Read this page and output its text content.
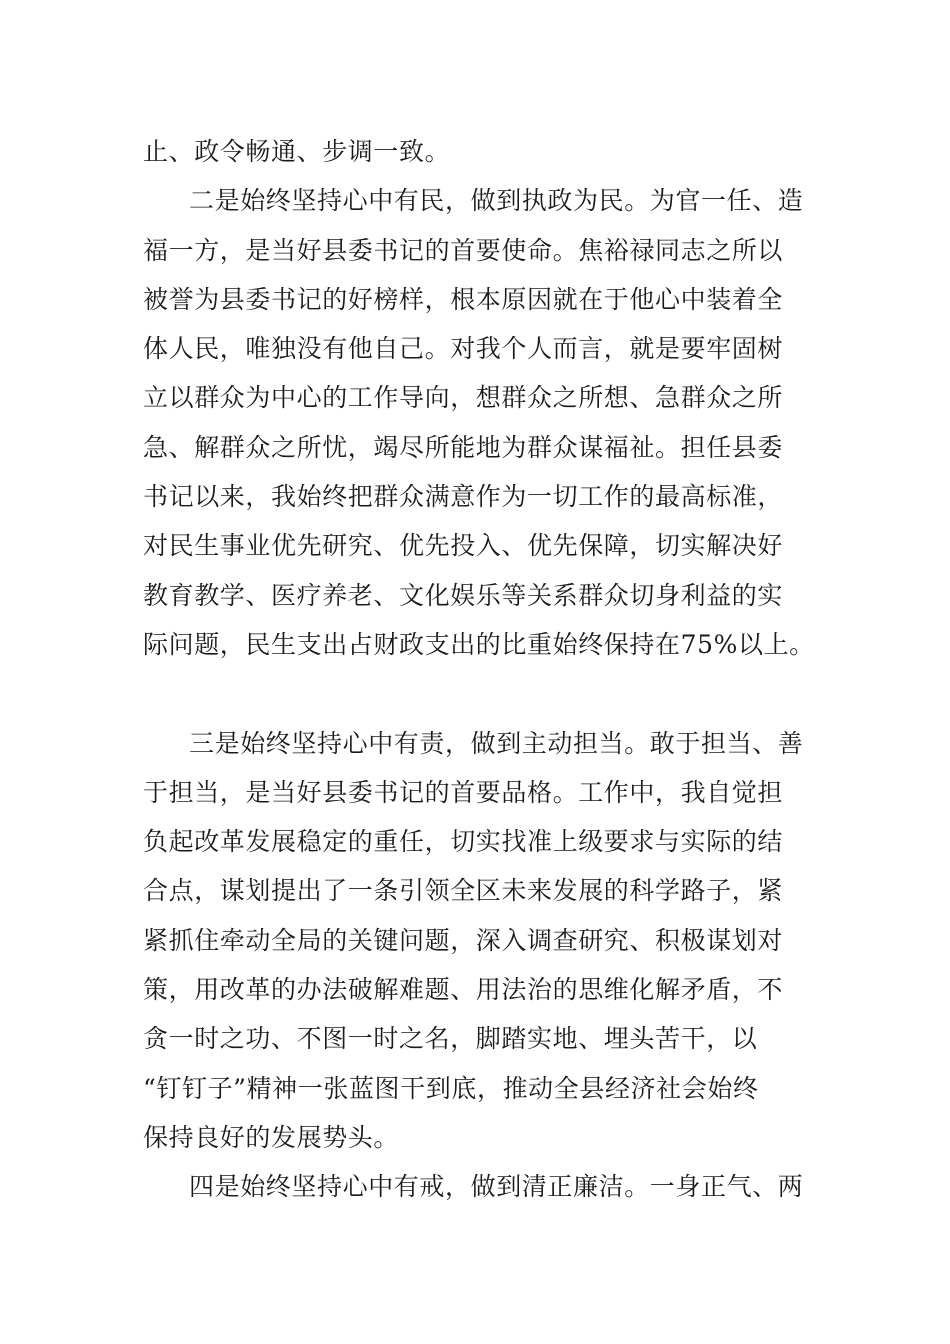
止、政令畅通、步调一致。
二是始终坚持心中有民，做到执政为民。为官一任、造
福一方，是当好县委书记的首要使命。焦裕禄同志之所以
被誉为县委书记的好榜样，根本原因就在于他心中装着全
体人民，唯独没有他自己。对我个人而言，就是要牢固树
立以群众为中心的工作导向，想群众之所想、急群众之所
急、解群众之所忧，竭尽所能地为群众谋福祉。担任县委
书记以来，我始终把群众满意作为一切工作的最高标准，
对民生事业优先研究、优先投入、优先保障，切实解决好
教育教学、医疗养老、文化娱乐等关系群众切身利益的实
际问题，民生支出占财政支出的比重始终保持在75%以上。
三是始终坚持心中有责，做到主动担当。敢于担当、善
于担当，是当好县委书记的首要品格。工作中，我自觉担
负起改革发展稳定的重任，切实找准上级要求与实际的结
合点，谋划提出了一条引领全区未来发展的科学路子，紧
紧抓住牵动全局的关键问题，深入调查研究、积极谋划对
策，用改革的办法破解难题、用法治的思维化解矛盾，不
贪一时之功、不图一时之名，脚踏实地、埋头苦干，以
“钉钉子”精神一张蓝图干到底，推动全县经济社会始终
保持良好的发展势头。
四是始终坚持心中有戒，做到清正廉洁。一身正气、两
